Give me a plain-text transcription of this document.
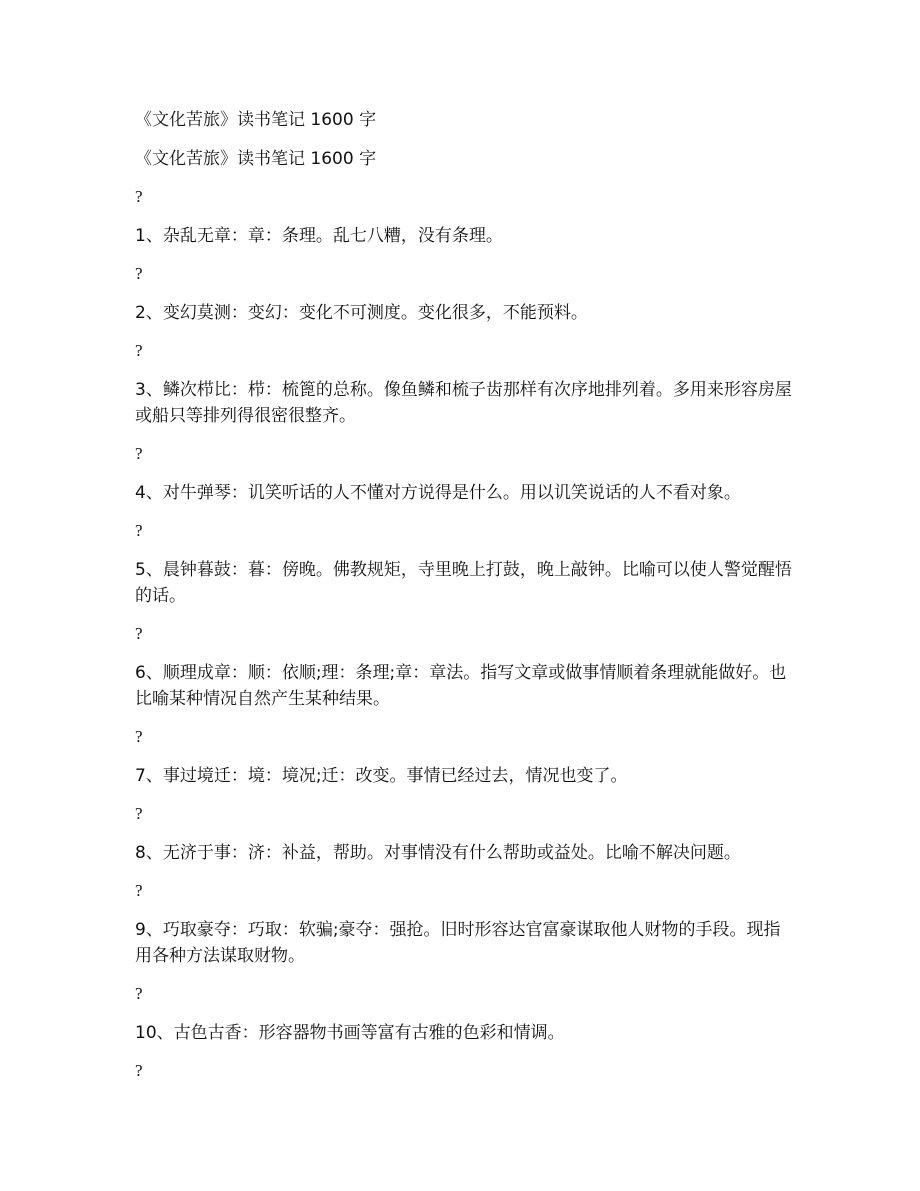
《文化苦旅》读书笔记 1600 字

《文化苦旅》读书笔记 1600 字

?

1、杂乱无章：章：条理。乱七八糟，没有条理。

?

2、变幻莫测：变幻：变化不可测度。变化很多，不能预料。

?

3、鳞次栉比：栉：梳篦的总称。像鱼鳞和梳子齿那样有次序地排列着。多用来形容房屋或船只等排列得很密很整齐。

?

4、对牛弹琴：讥笑听话的人不懂对方说得是什么。用以讥笑说话的人不看对象。

?

5、晨钟暮鼓：暮：傍晚。佛教规矩，寺里晚上打鼓，晚上敲钟。比喻可以使人警觉醒悟的话。

?

6、顺理成章：顺：依顺;理：条理;章：章法。指写文章或做事情顺着条理就能做好。也比喻某种情况自然产生某种结果。

?

7、事过境迁：境：境况;迁：改变。事情已经过去，情况也变了。

?

8、无济于事：济：补益，帮助。对事情没有什么帮助或益处。比喻不解决问题。

?

9、巧取豪夺：巧取：软骗;豪夺：强抢。旧时形容达官富豪谋取他人财物的手段。现指用各种方法谋取财物。

?

10、古色古香：形容器物书画等富有古雅的色彩和情调。

?
